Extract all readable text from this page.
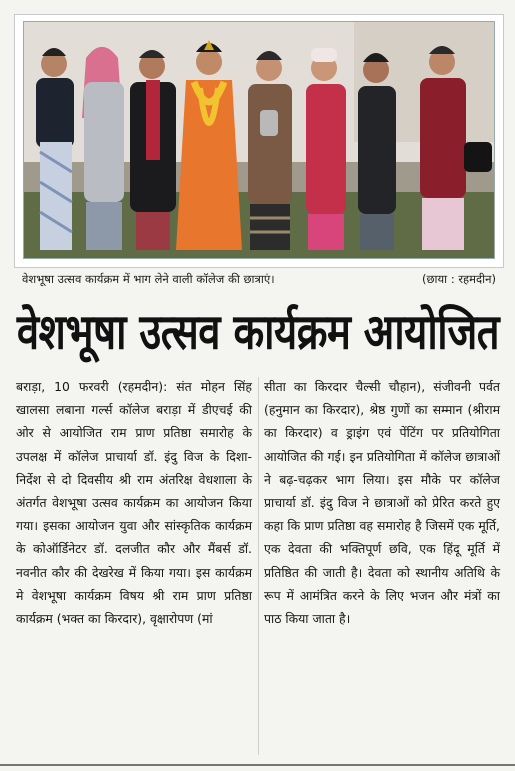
वेशभूषा उत्सव कार्यक्रम में भाग लेने वाली कॉलेज की छात्राएं।	(छाया : रहमदीन)
वेशभूषा उत्सव कार्यक्रम आयोजित

बराड़ा, 10 फरवरी (रहमदीन): संत मोहन सिंह खालसा लबाना गर्ल्स कॉलेज बराड़ा में डीएचई की ओर से आयोजित राम प्राण प्रतिष्ठा समारोह के उपलक्ष में कॉलेज प्राचार्या डॉ. इंदु विज के दिशा-निर्देश से दो दिवसीय श्री राम अंतरिक्ष वेधशाला के अंतर्गत वेशभूषा उत्सव कार्यक्रम का आयोजन किया गया। इसका आयोजन युवा और सांस्कृतिक कार्यक्रम के कोऑर्डिनेटर डॉ. दलजीत कौर और मैंबर्स डॉ. नवनीत कौर की देखरेख में किया गया। इस कार्यक्रम मे वेशभूषा कार्यक्रम विषय श्री राम प्राण प्रतिष्ठा कार्यक्रम (भक्त का किरदार), वृक्षारोपण (मां

सीता का किरदार चैल्सी चौहान), संजीवनी पर्वत (हनुमान का किरदार), श्रेष्ठ गुणों का सम्मान (श्रीराम का किरदार) व ड्राइंग एवं पेंटिंग पर प्रतियोगिता आयोजित की गई। इन प्रतियोगिता में कॉलेज छात्राओं ने बढ़-चढ़कर भाग लिया। इस मौके पर कॉलेज प्राचार्या डॉ. इंदु विज ने छात्राओं को प्रेरित करते हुए कहा कि प्राण प्रतिष्ठा वह समारोह है जिसमें एक मूर्ति, एक देवता की भक्तिपूर्ण छवि, एक हिंदू मूर्ति में प्रतिष्ठित की जाती है। देवता को स्थानीय अतिथि के रूप में आमंत्रित करने के लिए भजन और मंत्रों का पाठ किया जाता है।
